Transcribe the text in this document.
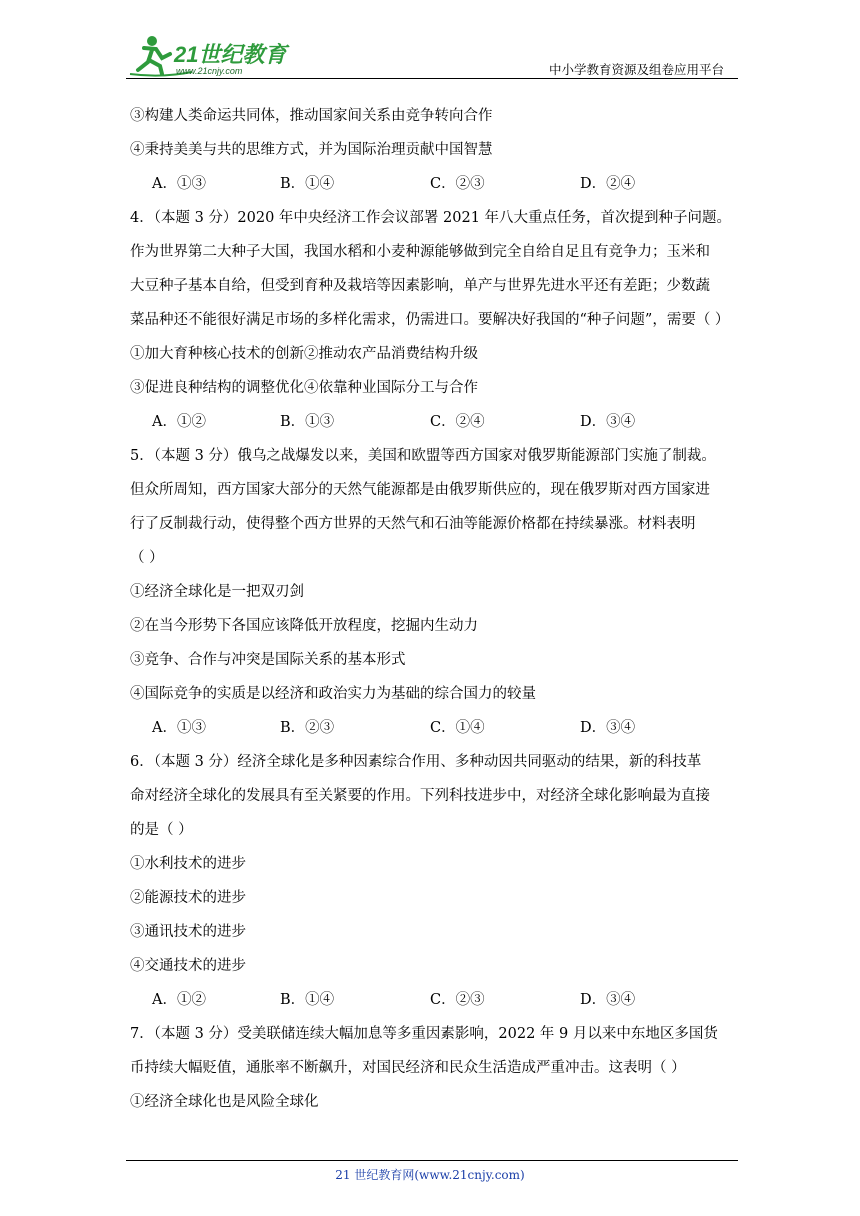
21世纪教育
www.21cnjy.com	中小学教育资源及组卷应用平台
③构建人类命运共同体，推动国家间关系由竞争转向合作
④秉持美美与共的思维方式，并为国际治理贡献中国智慧
4．（本题 3 分）2020 年中央经济工作会议部署 2021 年八大重点任务，首次提到种子问题。
作为世界第二大种子大国，我国水稻和小麦种源能够做到完全自给自足且有竞争力；玉米和
大豆种子基本自给，但受到育种及栽培等因素影响，单产与世界先进水平还有差距；少数蔬
菜品种还不能很好满足市场的多样化需求，仍需进口。要解决好我国的“种子问题”，需要（ ）
①加大育种核心技术的创新②推动农产品消费结构升级
③促进良种结构的调整优化④依靠种业国际分工与合作
5．（本题 3 分）俄乌之战爆发以来，美国和欧盟等西方国家对俄罗斯能源部门实施了制裁。
但众所周知，西方国家大部分的天然气能源都是由俄罗斯供应的，现在俄罗斯对西方国家进
行了反制裁行动，使得整个西方世界的天然气和石油等能源价格都在持续暴涨。材料表明
（ ）
①经济全球化是一把双刃剑
②在当今形势下各国应该降低开放程度，挖掘内生动力
③竞争、合作与冲突是国际关系的基本形式
④国际竞争的实质是以经济和政治实力为基础的综合国力的较量
6．（本题 3 分）经济全球化是多种因素综合作用、多种动因共同驱动的结果，新的科技革
命对经济全球化的发展具有至关紧要的作用。下列科技进步中，对经济全球化影响最为直接
的是（ ）
①水利技术的进步
②能源技术的进步
③通讯技术的进步
④交通技术的进步
7．（本题 3 分）受美联储连续大幅加息等多重因素影响，2022 年 9 月以来中东地区多国货
币持续大幅贬值，通胀率不断飙升，对国民经济和民众生活造成严重冲击。这表明（ ）
①经济全球化也是风险全球化
A．①③	B．①④	C．②③	D．②④
A．①②	B．①③	C．②④	D．③④
A．①③	B．②③	C．①④	D．③④
A．①②	B．①④	C．②③	D．③④
21 世纪教育网(www.21cnjy.com)
